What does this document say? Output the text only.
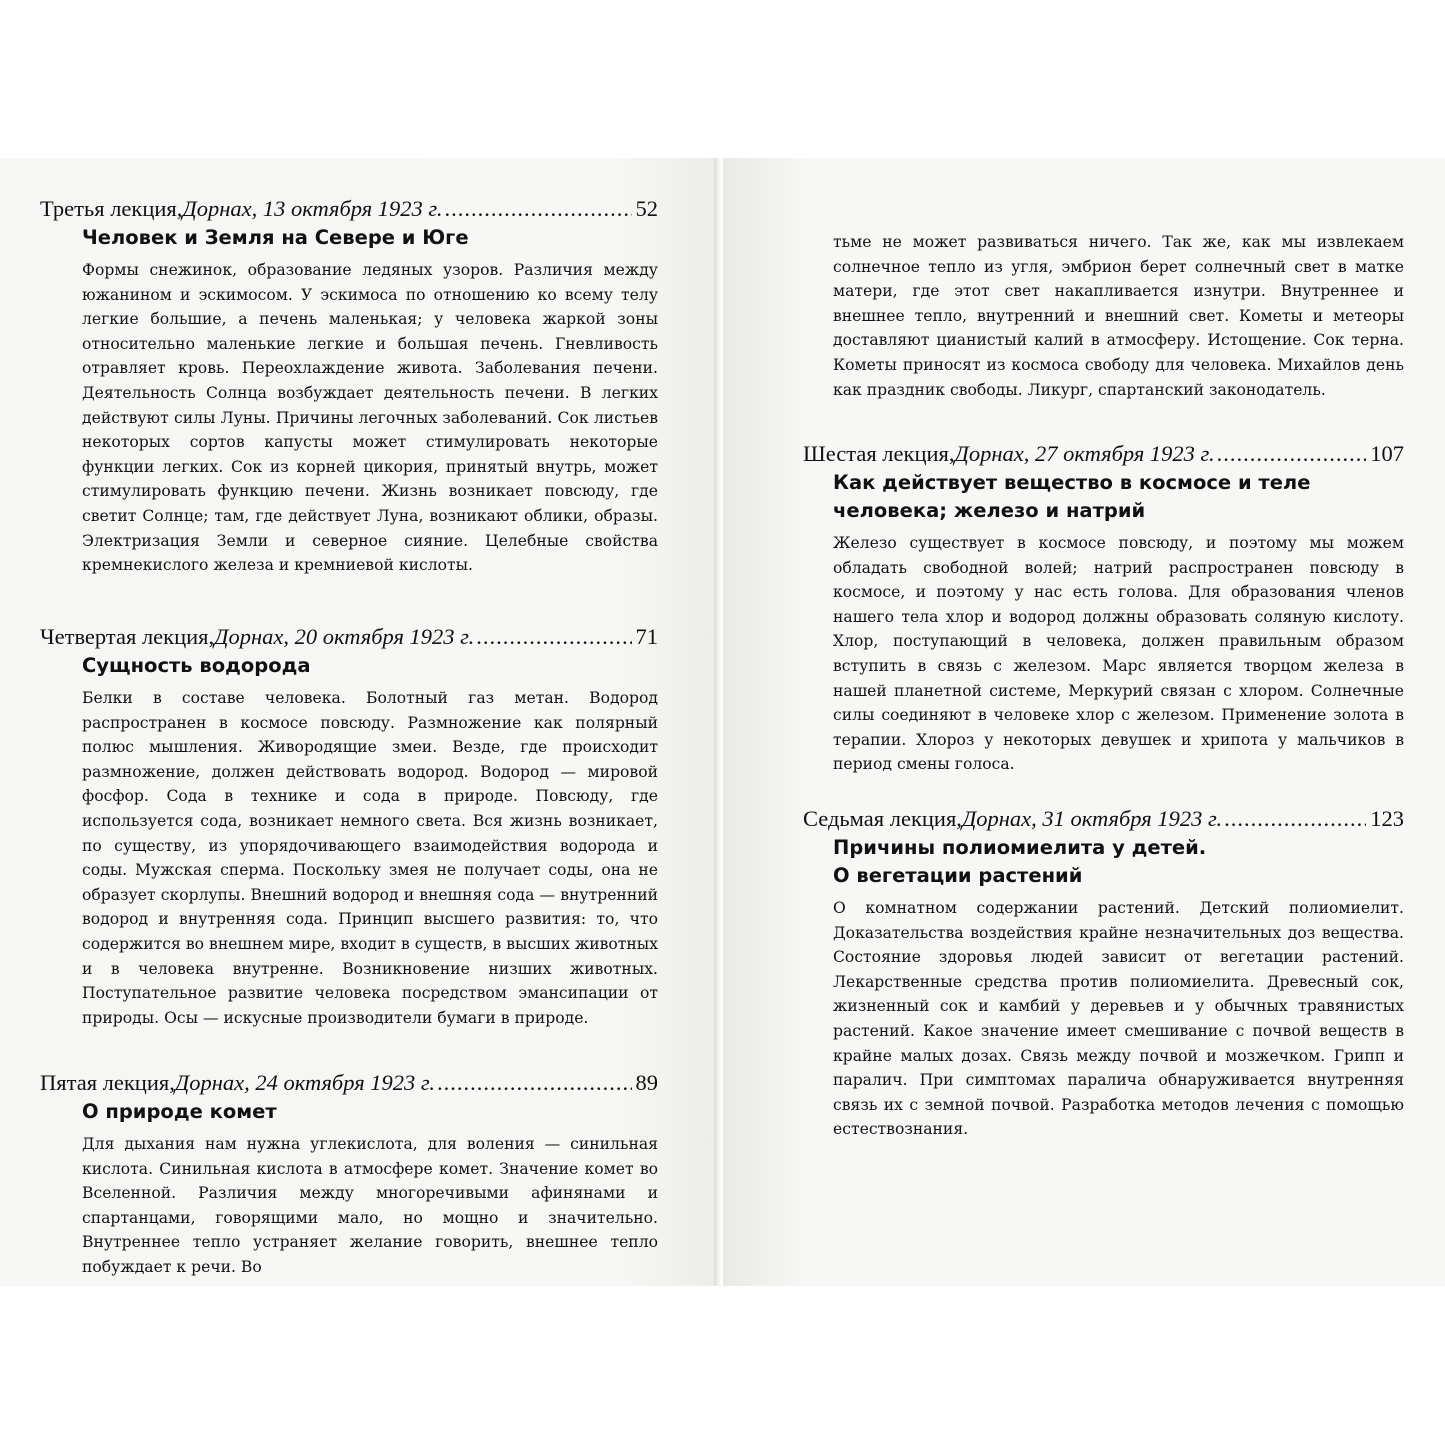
Третья лекция, Дорнах, 13 октября 1923 г. .....	52
Человек и Земля на Севере и Юге
Формы снежинок, образование ледяных узоров. Различия между южанином и эскимосом. У эскимоса по отношению ко всему телу легкие большие, а печень маленькая; у человека жаркой зоны относительно маленькие легкие и большая печень. Гневливость отравляет кровь. Переохлаждение живота. Заболевания печени. Деятельность Солнца возбуждает деятельность печени. В легких действуют силы Луны. Причины легочных заболеваний. Сок листьев некоторых сортов капусты может стимулировать некоторые функции легких. Сок из корней цикория, принятый внутрь, может стимулировать функцию печени. Жизнь возникает повсюду, где светит Солнце; там, где действует Луна, возникают облики, образы. Электризация Земли и северное сияние. Целебные свойства кремнекислого железа и кремниевой кислоты.
Четвертая лекция, Дорнах, 20 октября 1923 г. .....	71
Сущность водорода
Белки в составе человека. Болотный газ метан. Водород распространен в космосе повсюду. Размножение как полярный полюс мышления. Живородящие змеи. Везде, где происходит размножение, должен действовать водород. Водород — мировой фосфор. Сода в технике и сода в природе. Повсюду, где используется сода, возникает немного света. Вся жизнь возникает, по существу, из упорядочивающего взаимодействия водорода и соды. Мужская сперма. Поскольку змея не получает соды, она не образует скорлупы. Внешний водород и внешняя сода — внутренний водород и внутренняя сода. Принцип высшего развития: то, что содержится во внешнем мире, входит в существ, в высших животных и в человека внутренне. Возникновение низших животных. Поступательное развитие человека посредством эмансипации от природы. Осы — искусные производители бумаги в природе.
Пятая лекция, Дорнах, 24 октября 1923 г. .....	89
О природе комет
Для дыхания нам нужна углекислота, для воления — синильная кислота. Синильная кислота в атмосфере комет. Значение комет во Вселенной. Различия между многоречивыми афинянами и спартанцами, говорящими мало, но мощно и значительно. Внутреннее тепло устраняет желание говорить, внешнее тепло побуждает к речи. Во
тьме не может развиваться ничего. Так же, как мы извлекаем солнечное тепло из угля, эмбрион берет солнечный свет в матке матери, где этот свет накапливается изнутри. Внутреннее и внешнее тепло, внутренний и внешний свет. Кометы и метеоры доставляют цианистый калий в атмосферу. Истощение. Сок терна. Кометы приносят из космоса свободу для человека. Михайлов день как праздник свободы. Ликург, спартанский законодатель.
Шестая лекция, Дорнах, 27 октября 1923 г. .....	107
Как действует вещество в космосе и теле человека; железо и натрий
Железо существует в космосе повсюду, и поэтому мы можем обладать свободной волей; натрий распространен повсюду в космосе, и поэтому у нас есть голова. Для образования членов нашего тела хлор и водород должны образовать соляную кислоту. Хлор, поступающий в человека, должен правильным образом вступить в связь с железом. Марс является творцом железа в нашей планетной системе, Меркурий связан с хлором. Солнечные силы соединяют в человеке хлор с железом. Применение золота в терапии. Хлороз у некоторых девушек и хрипота у мальчиков в период смены голоса.
Седьмая лекция, Дорнах, 31 октября 1923 г. .....	123
Причины полиомиелита у детей.
О вегетации растений
О комнатном содержании растений. Детский полиомиелит. Доказательства воздействия крайне незначительных доз вещества. Состояние здоровья людей зависит от вегетации растений. Лекарственные средства против полиомиелита. Древесный сок, жизненный сок и камбий у деревьев и у обычных травянистых растений. Какое значение имеет смешивание с почвой веществ в крайне малых дозах. Связь между почвой и мозжечком. Грипп и паралич. При симптомах паралича обнаруживается внутренняя связь их с земной почвой. Разработка методов лечения с помощью естествознания.
